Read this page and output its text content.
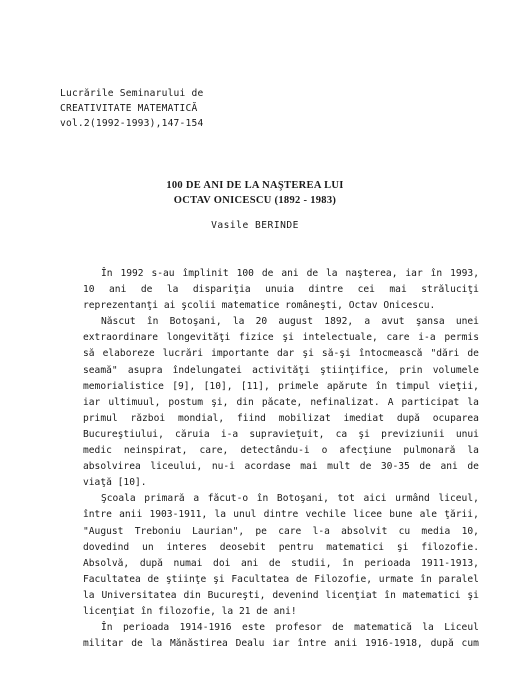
Lucrările Seminarului de
CREATIVITATE MATEMATICĂ
vol.2(1992-1993),147-154
100 DE ANI DE LA NAŞTEREA LUI
OCTAV ONICESCU (1892 - 1983)
Vasile BERINDE
În 1992 s-au împlinit 100 de ani de la naşterea, iar în 1993,
10 ani de la dispariţia unuia dintre cei mai străluciţi
reprezentanţi ai şcolii matematice româneşti, Octav Onicescu.
Născut în Botoşani, la 20 august 1892, a avut şansa unei
extraordinare longevităţi fizice şi intelectuale, care i-a permis
să elaboreze lucrări importante dar şi să-şi întocmească "dări de
seamă" asupra îndelungatei activităţi ştiinţifice, prin volumele
memorialistice [9], [10], [11], primele apărute în timpul vieţii,
iar ultimuul, postum şi, din păcate, nefinalizat. A participat la
primul război mondial, fiind mobilizat imediat după ocuparea
Bucureştiului, căruia i-a supravieţuit, ca şi previziunii unui
medic neinspirat, care, detectându-i o afecţiune pulmonară la
absolvirea liceului, nu-i acordase mai mult de 30-35 de ani de
viaţă [10].
Şcoala primară a făcut-o în Botoşani, tot aici urmând liceul,
între anii 1903-1911, la unul dintre vechile licee bune ale ţării,
"August Treboniu Laurian", pe care l-a absolvit cu media 10,
dovedind un interes deosebit pentru matematici şi filozofie.
Absolvă, după numai doi ani de studii, în perioada 1911-1913,
Facultatea de ştiinţe şi Facultatea de Filozofie, urmate în paralel
la Universitatea din Bucureşti, devenind licenţiat în matematici şi
licenţiat în filozofie, la 21 de ani!
În perioada 1914-1916 este profesor de matematică la Liceul
militar de la Mănăstirea Dealu iar între anii 1916-1918, după cum
